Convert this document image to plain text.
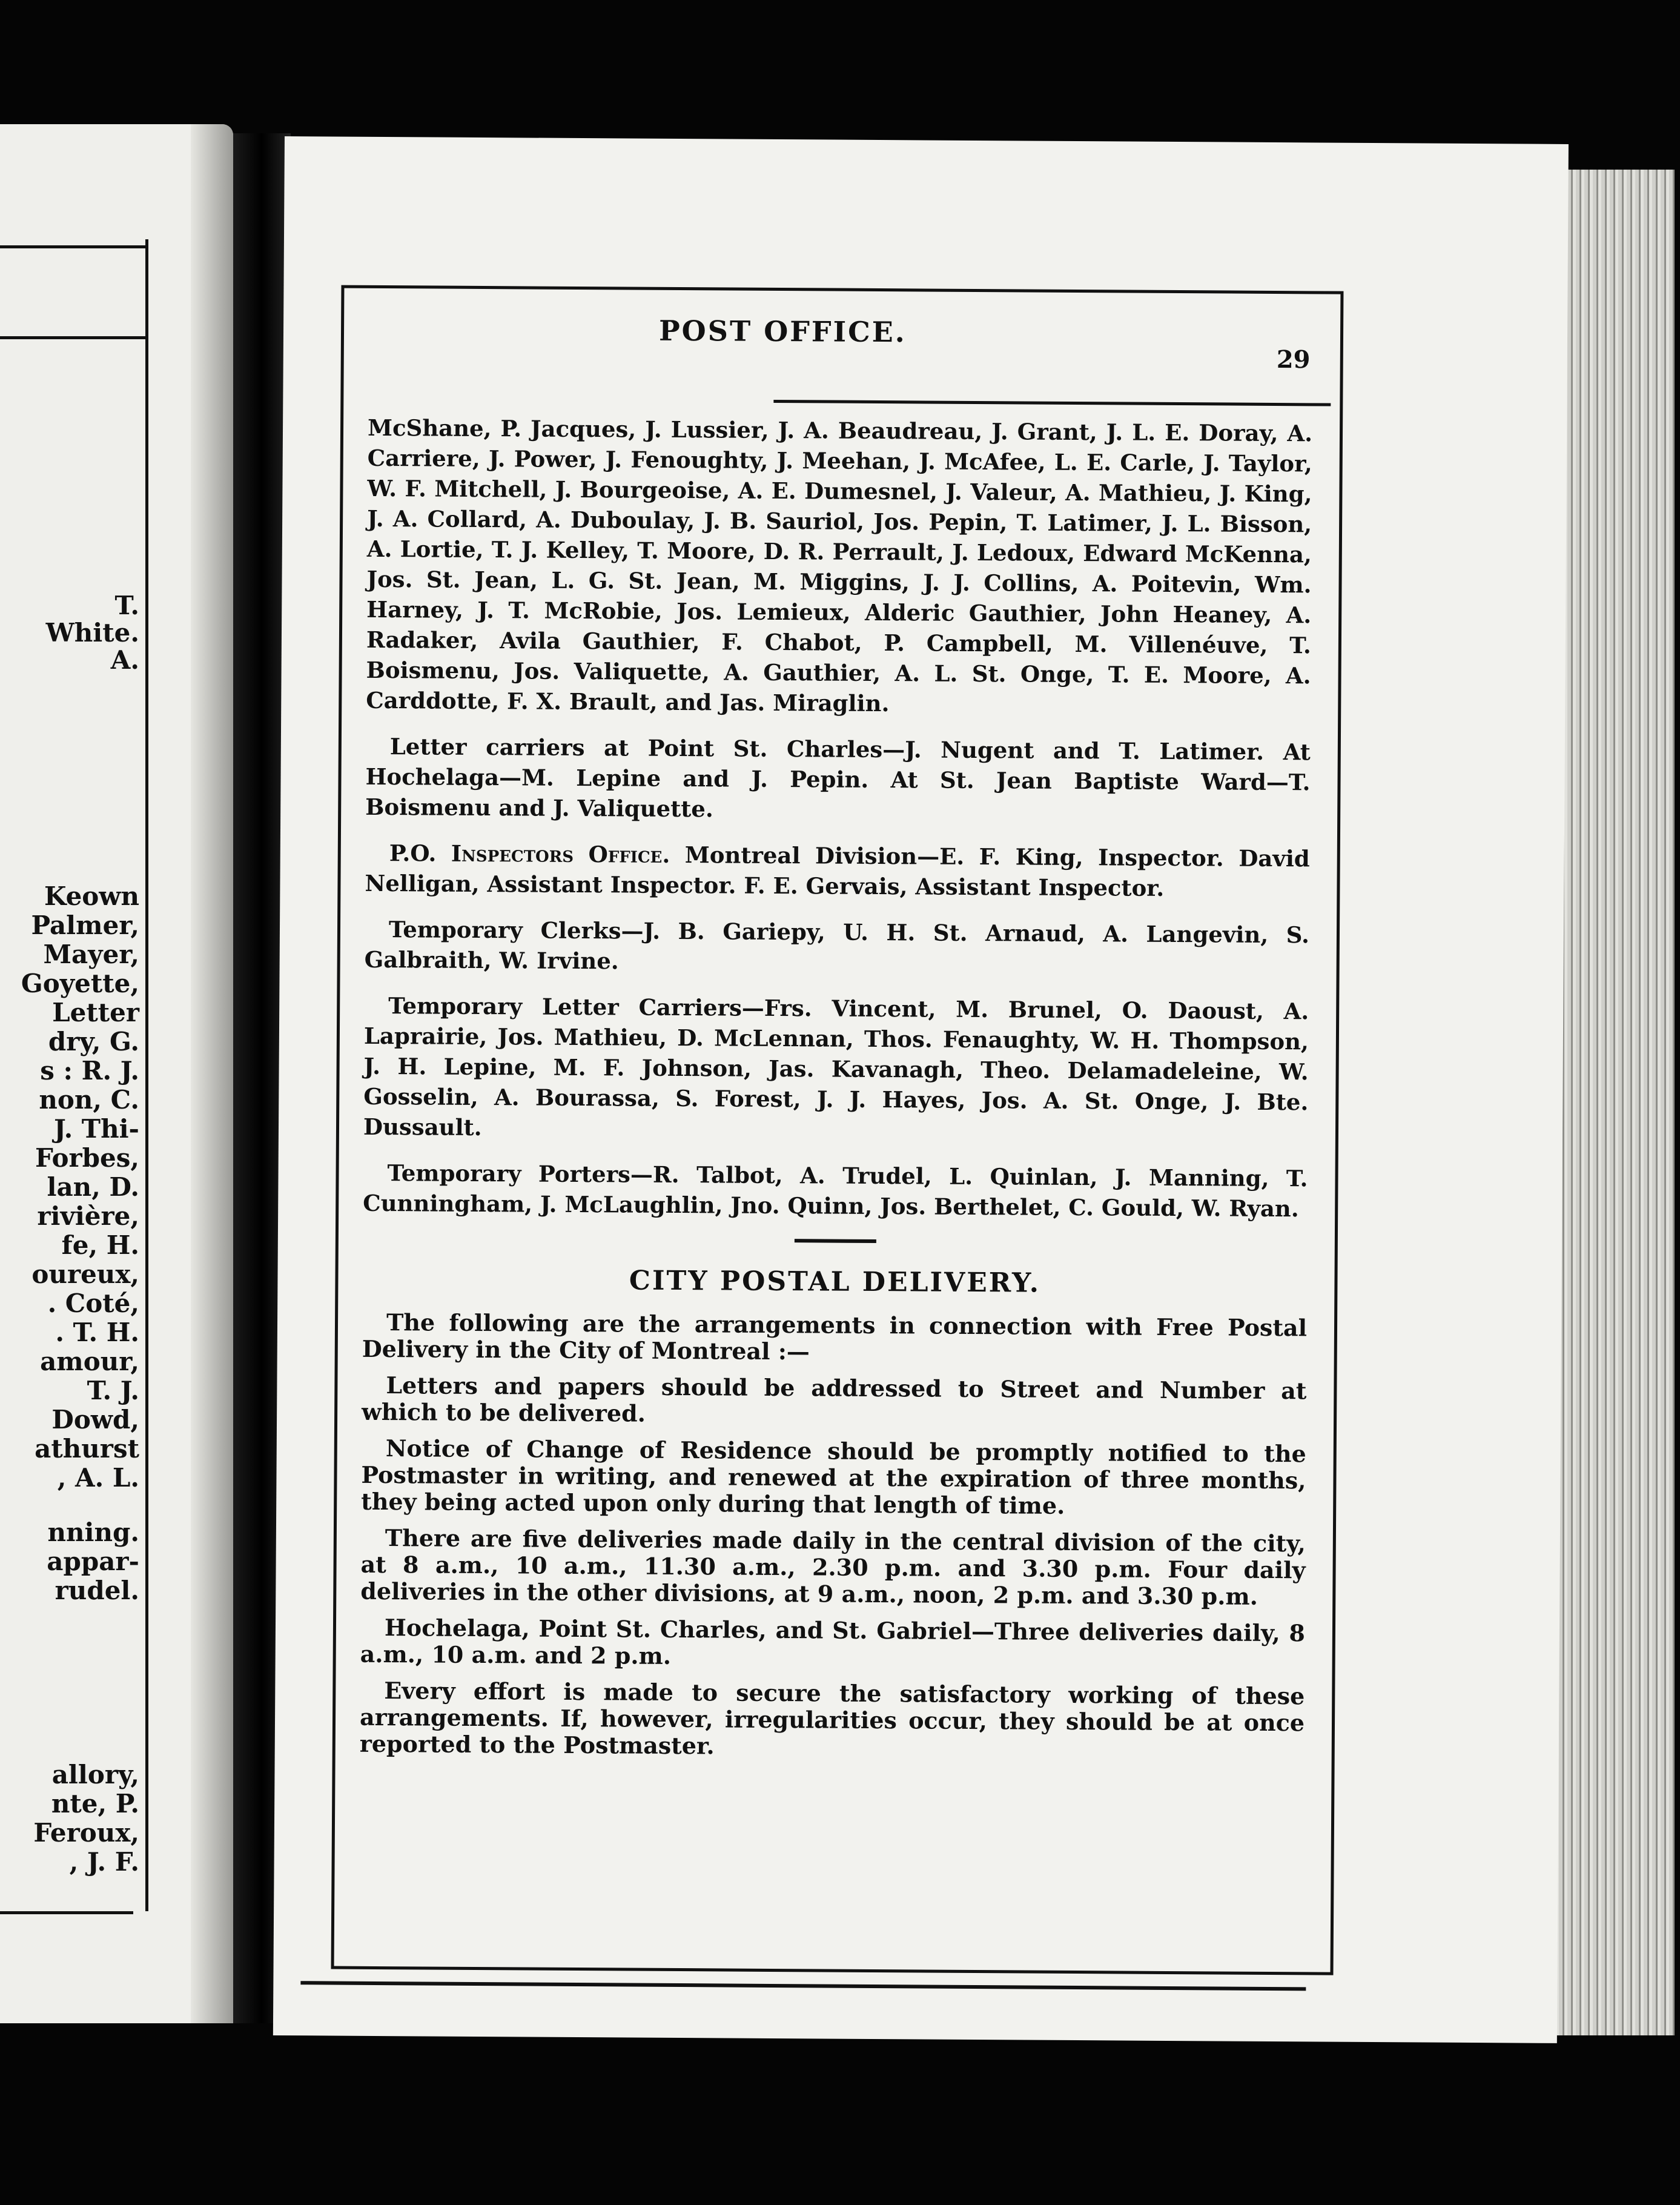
T.

White.

A.

Keown

Palmer,

Mayer,

Goyette,

Letter

dry, G.

s : R. J.

non, C.

J. Thi-

Forbes,

lan, D.

rivière,

fe, H.

oureux,

. Coté,

. T. H.

amour,

T. J.

Dowd,

athurst

, A. L.

nning.

appar-

rudel.

allory,

nte, P.

Feroux,

, J. F.

POST OFFICE.
29

McShane, P. Jacques, J. Lussier, J. A. Beaudreau, J. Grant, J. L. E. Doray, A. Carriere, J. Power, J. Fenoughty, J. Meehan, J. McAfee, L. E. Carle, J. Taylor, W. F. Mitchell, J. Bourgeoise, A. E. Dumesnel, J. Valeur, A. Mathieu, J. King, J. A. Collard, A. Duboulay, J. B. Sauriol, Jos. Pepin, T. Latimer, J. L. Bisson, A. Lortie, T. J. Kelley, T. Moore, D. R. Perrault, J. Ledoux, Edward McKenna, Jos. St. Jean, L. G. St. Jean, M. Miggins, J. J. Collins, A. Poitevin, Wm. Harney, J. T. McRobie, Jos. Lemieux, Alderic Gauthier, John Heaney, A. Radaker, Avila Gauthier, F. Chabot, P. Campbell, M. Villenéuve, T. Boismenu, Jos. Valiquette, A. Gauthier, A. L. St. Onge, T. E. Moore, A. Carddotte, F. X. Brault, and Jas. Miraglin.

Letter carriers at Point St. Charles—J. Nugent and T. Latimer. At Hochelaga—M. Lepine and J. Pepin. At St. Jean Baptiste Ward—T. Boismenu and J. Valiquette.

P.O. Inspectors Office. Montreal Division—E. F. King, Inspector. David Nelligan, Assistant Inspector. F. E. Gervais, Assistant Inspector.

Temporary Clerks—J. B. Gariepy, U. H. St. Arnaud, A. Langevin, S. Galbraith, W. Irvine.

Temporary Letter Carriers—Frs. Vincent, M. Brunel, O. Daoust, A. Laprairie, Jos. Mathieu, D. McLennan, Thos. Fenaughty, W. H. Thompson, J. H. Lepine, M. F. Johnson, Jas. Kavanagh, Theo. Delamadeleine, W. Gosselin, A. Bourassa, S. Forest, J. J. Hayes, Jos. A. St. Onge, J. Bte. Dussault.

Temporary Porters—R. Talbot, A. Trudel, L. Quinlan, J. Manning, T. Cunningham, J. McLaughlin, Jno. Quinn, Jos. Berthelet, C. Gould, W. Ryan.

CITY POSTAL DELIVERY.

The following are the arrangements in connection with Free Postal Delivery in the City of Montreal :—

Letters and papers should be addressed to Street and Number at which to be delivered.

Notice of Change of Residence should be promptly notified to the Postmaster in writing, and renewed at the expiration of three months, they being acted upon only during that length of time.

There are five deliveries made daily in the central division of the city, at 8 a.m., 10 a.m., 11.30 a.m., 2.30 p.m. and 3.30 p.m. Four daily deliveries in the other divisions, at 9 a.m., noon, 2 p.m. and 3.30 p.m.

Hochelaga, Point St. Charles, and St. Gabriel—Three deliveries daily, 8 a.m., 10 a.m. and 2 p.m.

Every effort is made to secure the satisfactory working of these arrangements. If, however, irregularities occur, they should be at once reported to the Postmaster.
